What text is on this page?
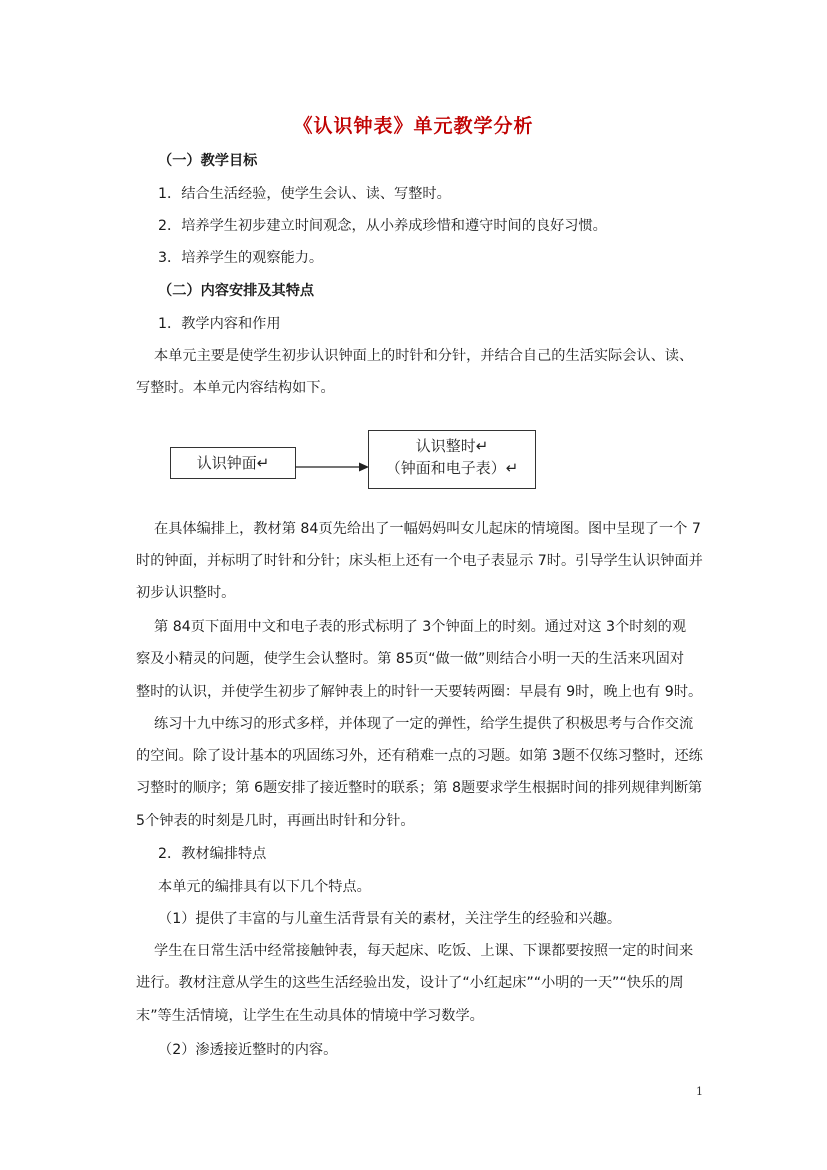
《认识钟表》单元教学分析
（一）教学目标
1．结合生活经验，使学生会认、读、写整时。
2．培养学生初步建立时间观念，从小养成珍惜和遵守时间的良好习惯。
3．培养学生的观察能力。
（二）内容安排及其特点
1．教学内容和作用
本单元主要是使学生初步认识钟面上的时针和分针，并结合自己的生活实际会认、读、
写整时。本单元内容结构如下。
在具体编排上，教材第 84页先给出了一幅妈妈叫女儿起床的情境图。图中呈现了一个 7
时的钟面，并标明了时针和分针；床头柜上还有一个电子表显示 7时。引导学生认识钟面并
初步认识整时。
第 84页下面用中文和电子表的形式标明了 3个钟面上的时刻。通过对这 3个时刻的观
察及小精灵的问题，使学生会认整时。第 85页“做一做”则结合小明一天的生活来巩固对
整时的认识，并使学生初步了解钟表上的时针一天要转两圈：早晨有 9时，晚上也有 9时。
练习十九中练习的形式多样，并体现了一定的弹性，给学生提供了积极思考与合作交流
的空间。除了设计基本的巩固练习外，还有稍难一点的习题。如第 3题不仅练习整时，还练
习整时的顺序；第 6题安排了接近整时的联系；第 8题要求学生根据时间的排列规律判断第
5个钟表的时刻是几时，再画出时针和分针。
2．教材编排特点
本单元的编排具有以下几个特点。
（1）提供了丰富的与儿童生活背景有关的素材，关注学生的经验和兴趣。
学生在日常生活中经常接触钟表，每天起床、吃饭、上课、下课都要按照一定的时间来
进行。教材注意从学生的这些生活经验出发，设计了“小红起床”“小明的一天”“快乐的周
末”等生活情境，让学生在生动具体的情境中学习数学。
（2）渗透接近整时的内容。
认识钟面↵
认识整时↵
（钟面和电子表）↵
1
